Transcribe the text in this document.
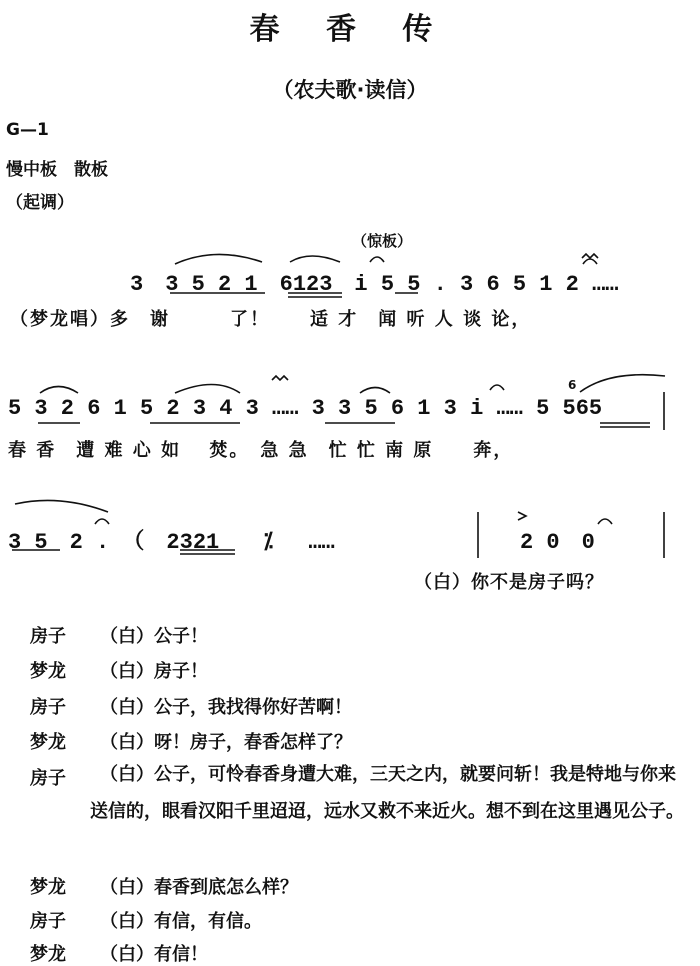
春 香 传
（农夫歌·读信）
G—1
慢中板　散板
（起调）
（惊板）
3　3 5 2 1　6123　i 5 5 . 3 6 5 1 2 ……
（梦龙唱）多　谢　　　了！　　适 才　闻 听 人 谈 论，
6
5 3 2 6 1 5 2 3 4 3 …… 3 3 5 6 1 3 i …… 5 565
春 香　遭 难 心 如　 焚。　急 急　忙 忙 南 原　　奔，
3 5　2 . （　2321　　⁒　 ……	2 0　0
（白）你不是房子吗？
房子 （白）公子！
梦龙 （白）房子！
房子 （白）公子，我找得你好苦啊！
梦龙 （白）呀！房子，春香怎样了？
房子	（白）公子，可怜春香身遭大难，三天之内，就要问斩！我是特地与你来送信的，眼看汉阳千里迢迢，远水又救不来近火。想不到在这里遇见公子。
梦龙 （白）春香到底怎么样？
房子 （白）有信，有信。
梦龙 （白）有信！
